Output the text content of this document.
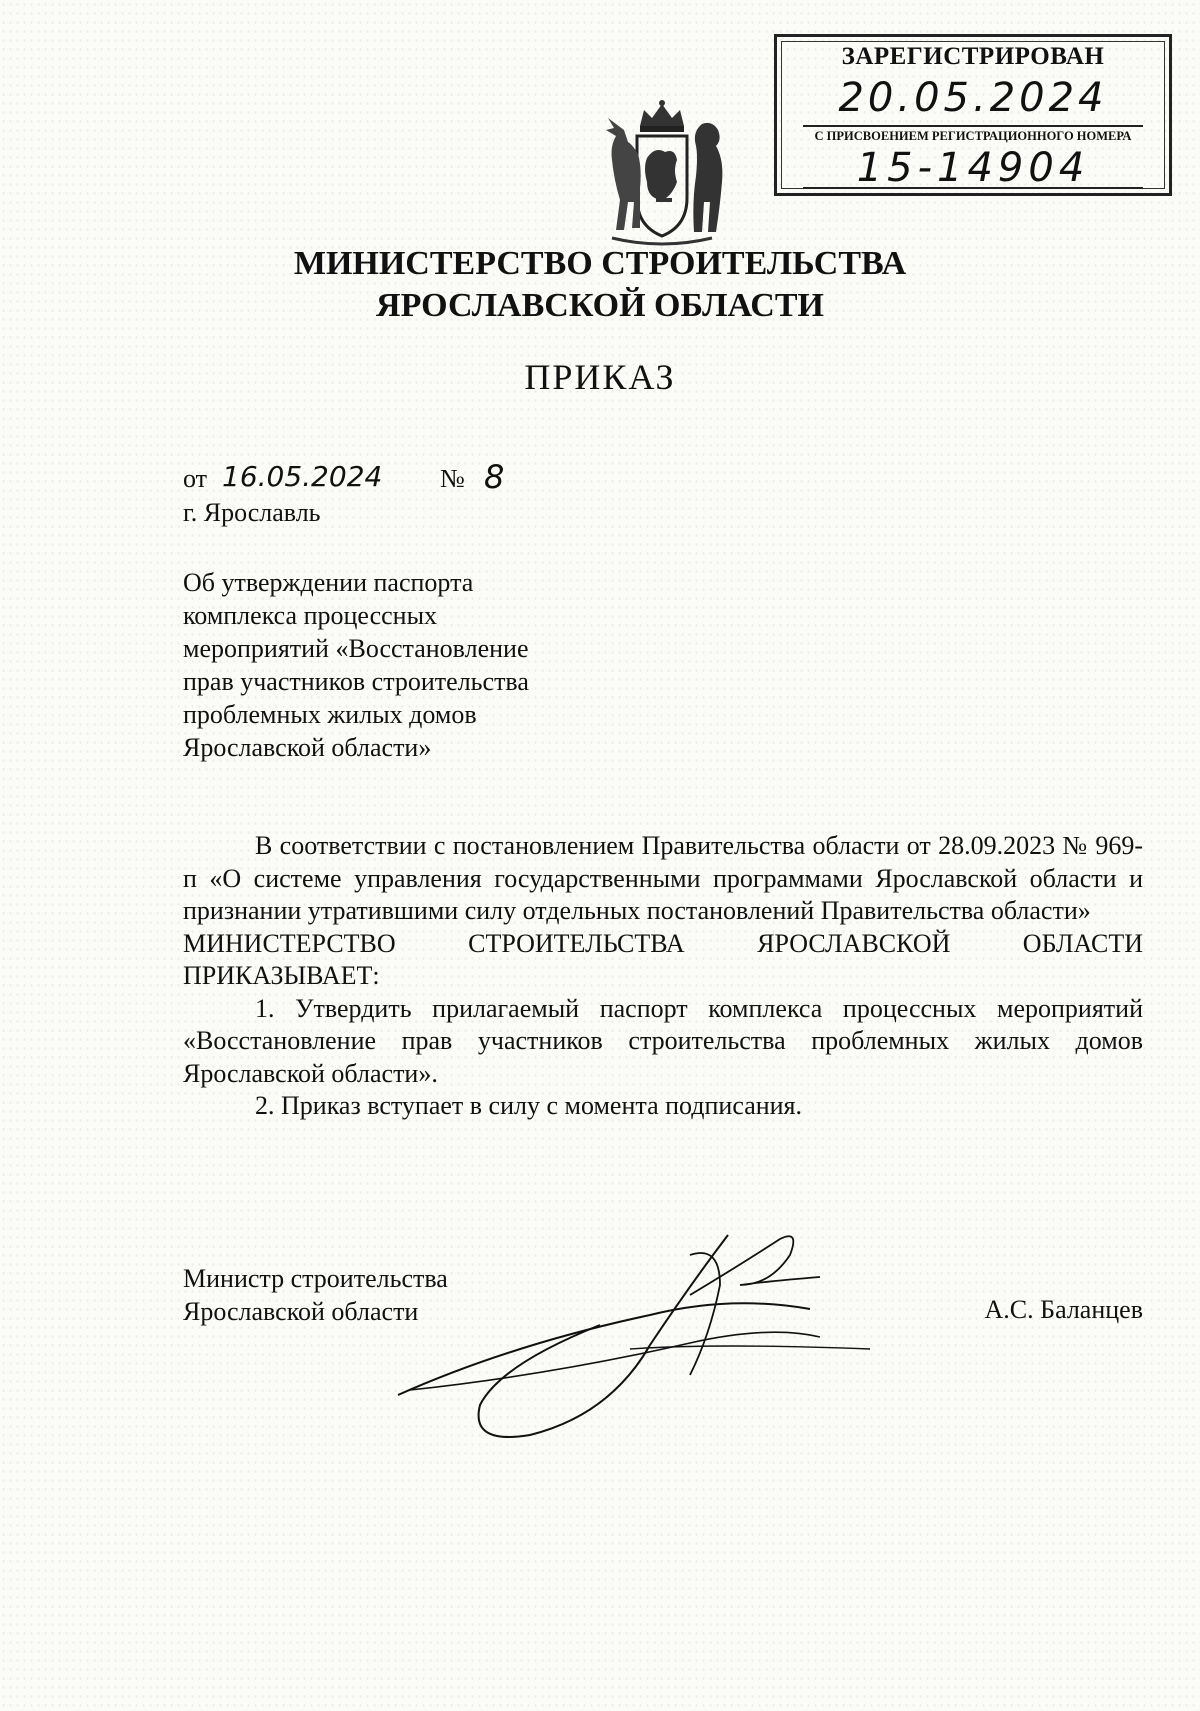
ЗАРЕГИСТРИРОВАН
20.05.2024
С ПРИСВОЕНИЕМ РЕГИСТРАЦИОННОГО НОМЕРА
15-14904
МИНИСТЕРСТВО СТРОИТЕЛЬСТВА
ЯРОСЛАВСКОЙ ОБЛАСТИ
ПРИКАЗ
от 16.05.2024 № 8
г. Ярославль
Об утверждении паспорта
комплекса процессных
мероприятий «Восстановление
прав участников строительства
проблемных жилых домов
Ярославской области»

В соответствии с постановлением Правительства области от 28.09.2023 № 969-п «О системе управления государственными программами Ярославской области и признании утратившими силу отдельных постановлений Правительства области»

МИНИСТЕРСТВО СТРОИТЕЛЬСТВА ЯРОСЛАВСКОЙ ОБЛАСТИ

ПРИКАЗЫВАЕТ:

1. Утвердить прилагаемый паспорт комплекса процессных мероприятий «Восстановление прав участников строительства проблемных жилых домов Ярославской области».

2. Приказ вступает в силу с момента подписания.

Министр строительства
Ярославской области	А.С. Баланцев
